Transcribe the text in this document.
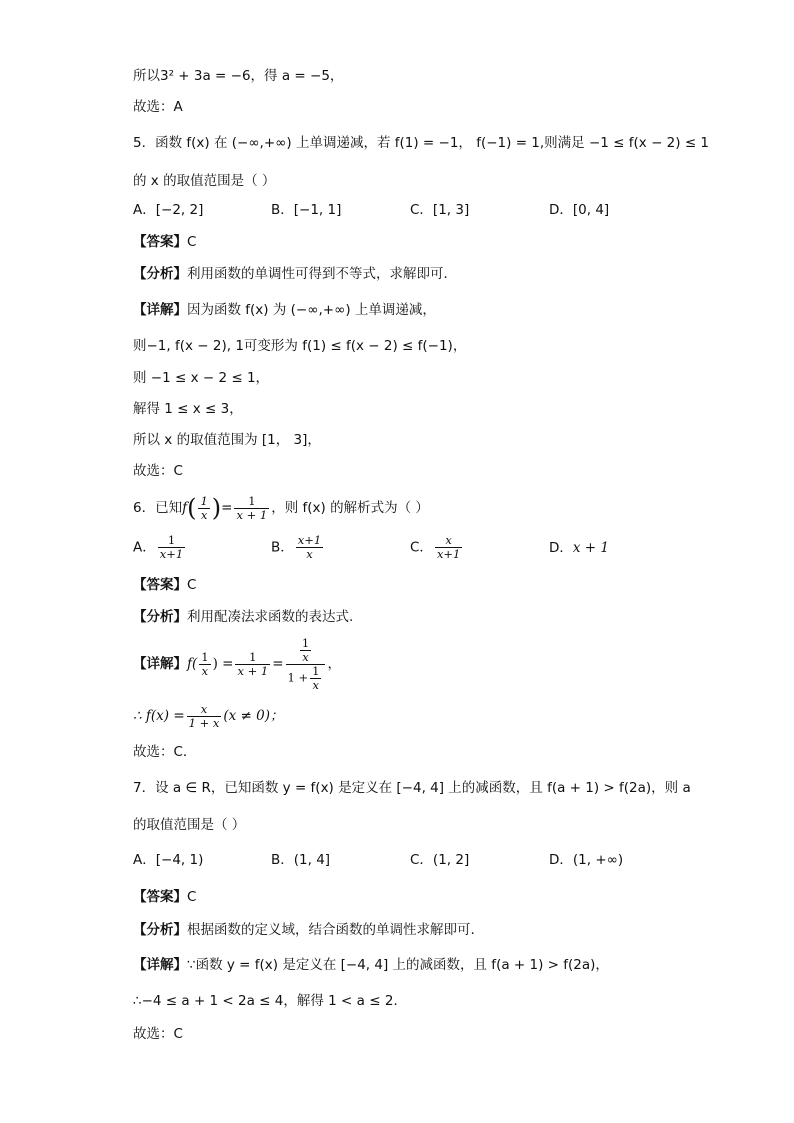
所以3² + 3a = −6，得 a = −5，
故选：A
5．函数 f(x) 在 (−∞,+∞) 上单调递减，若 f(1) = −1， f(−1) = 1,则满足 −1 ≤ f(x − 2) ≤ 1
的 x 的取值范围是（ ）
A．[−2, 2]	B．[−1, 1]	C．[1, 3]	D．[0, 4]
【答案】C
【分析】利用函数的单调性可得到不等式，求解即可．
【详解】因为函数 f(x) 为 (−∞,+∞) 上单调递减，
则−1, f(x − 2), 1可变形为 f(1) ≤ f(x − 2) ≤ f(−1)，
则 −1 ≤ x − 2 ≤ 1，
解得 1 ≤ x ≤ 3，
所以 x 的取值范围为 [1， 3]，
故选：C
6．已知$f( \frac{1}{x}$ )= $\frac{1}{x + 1}$ ，则 f(x) 的解析式为（ ）
A． $\frac{1}{x+1}$	B． $\frac{x+1}{x}$	C． $\frac{x}{x+1}$	D．x + 1
【答案】C
【分析】利用配凑法求函数的表达式.
【详解】$f( \frac{1}{x}$ ) = $\frac{1}{x + 1} = \frac{\frac{1}{x}}{1 + \frac{1}{x}}$ ，
∴ $f(x) = \frac{x}{1 + x} (x \ne 0)$；
故选：C．
7．设 a ∈ R，已知函数 y = f(x) 是定义在 [−4, 4] 上的减函数，且 f(a + 1) > f(2a)，则 a
的取值范围是（ ）
A．[−4, 1)	B．(1, 4]	C．(1, 2]	D．(1, +∞)
【答案】C
【分析】根据函数的定义域，结合函数的单调性求解即可.
【详解】∵函数 y = f(x) 是定义在 [−4, 4] 上的减函数，且 f(a + 1) > f(2a)，
∴−4 ≤ a + 1 < 2a ≤ 4，解得 1 < a ≤ 2.
故选：C
